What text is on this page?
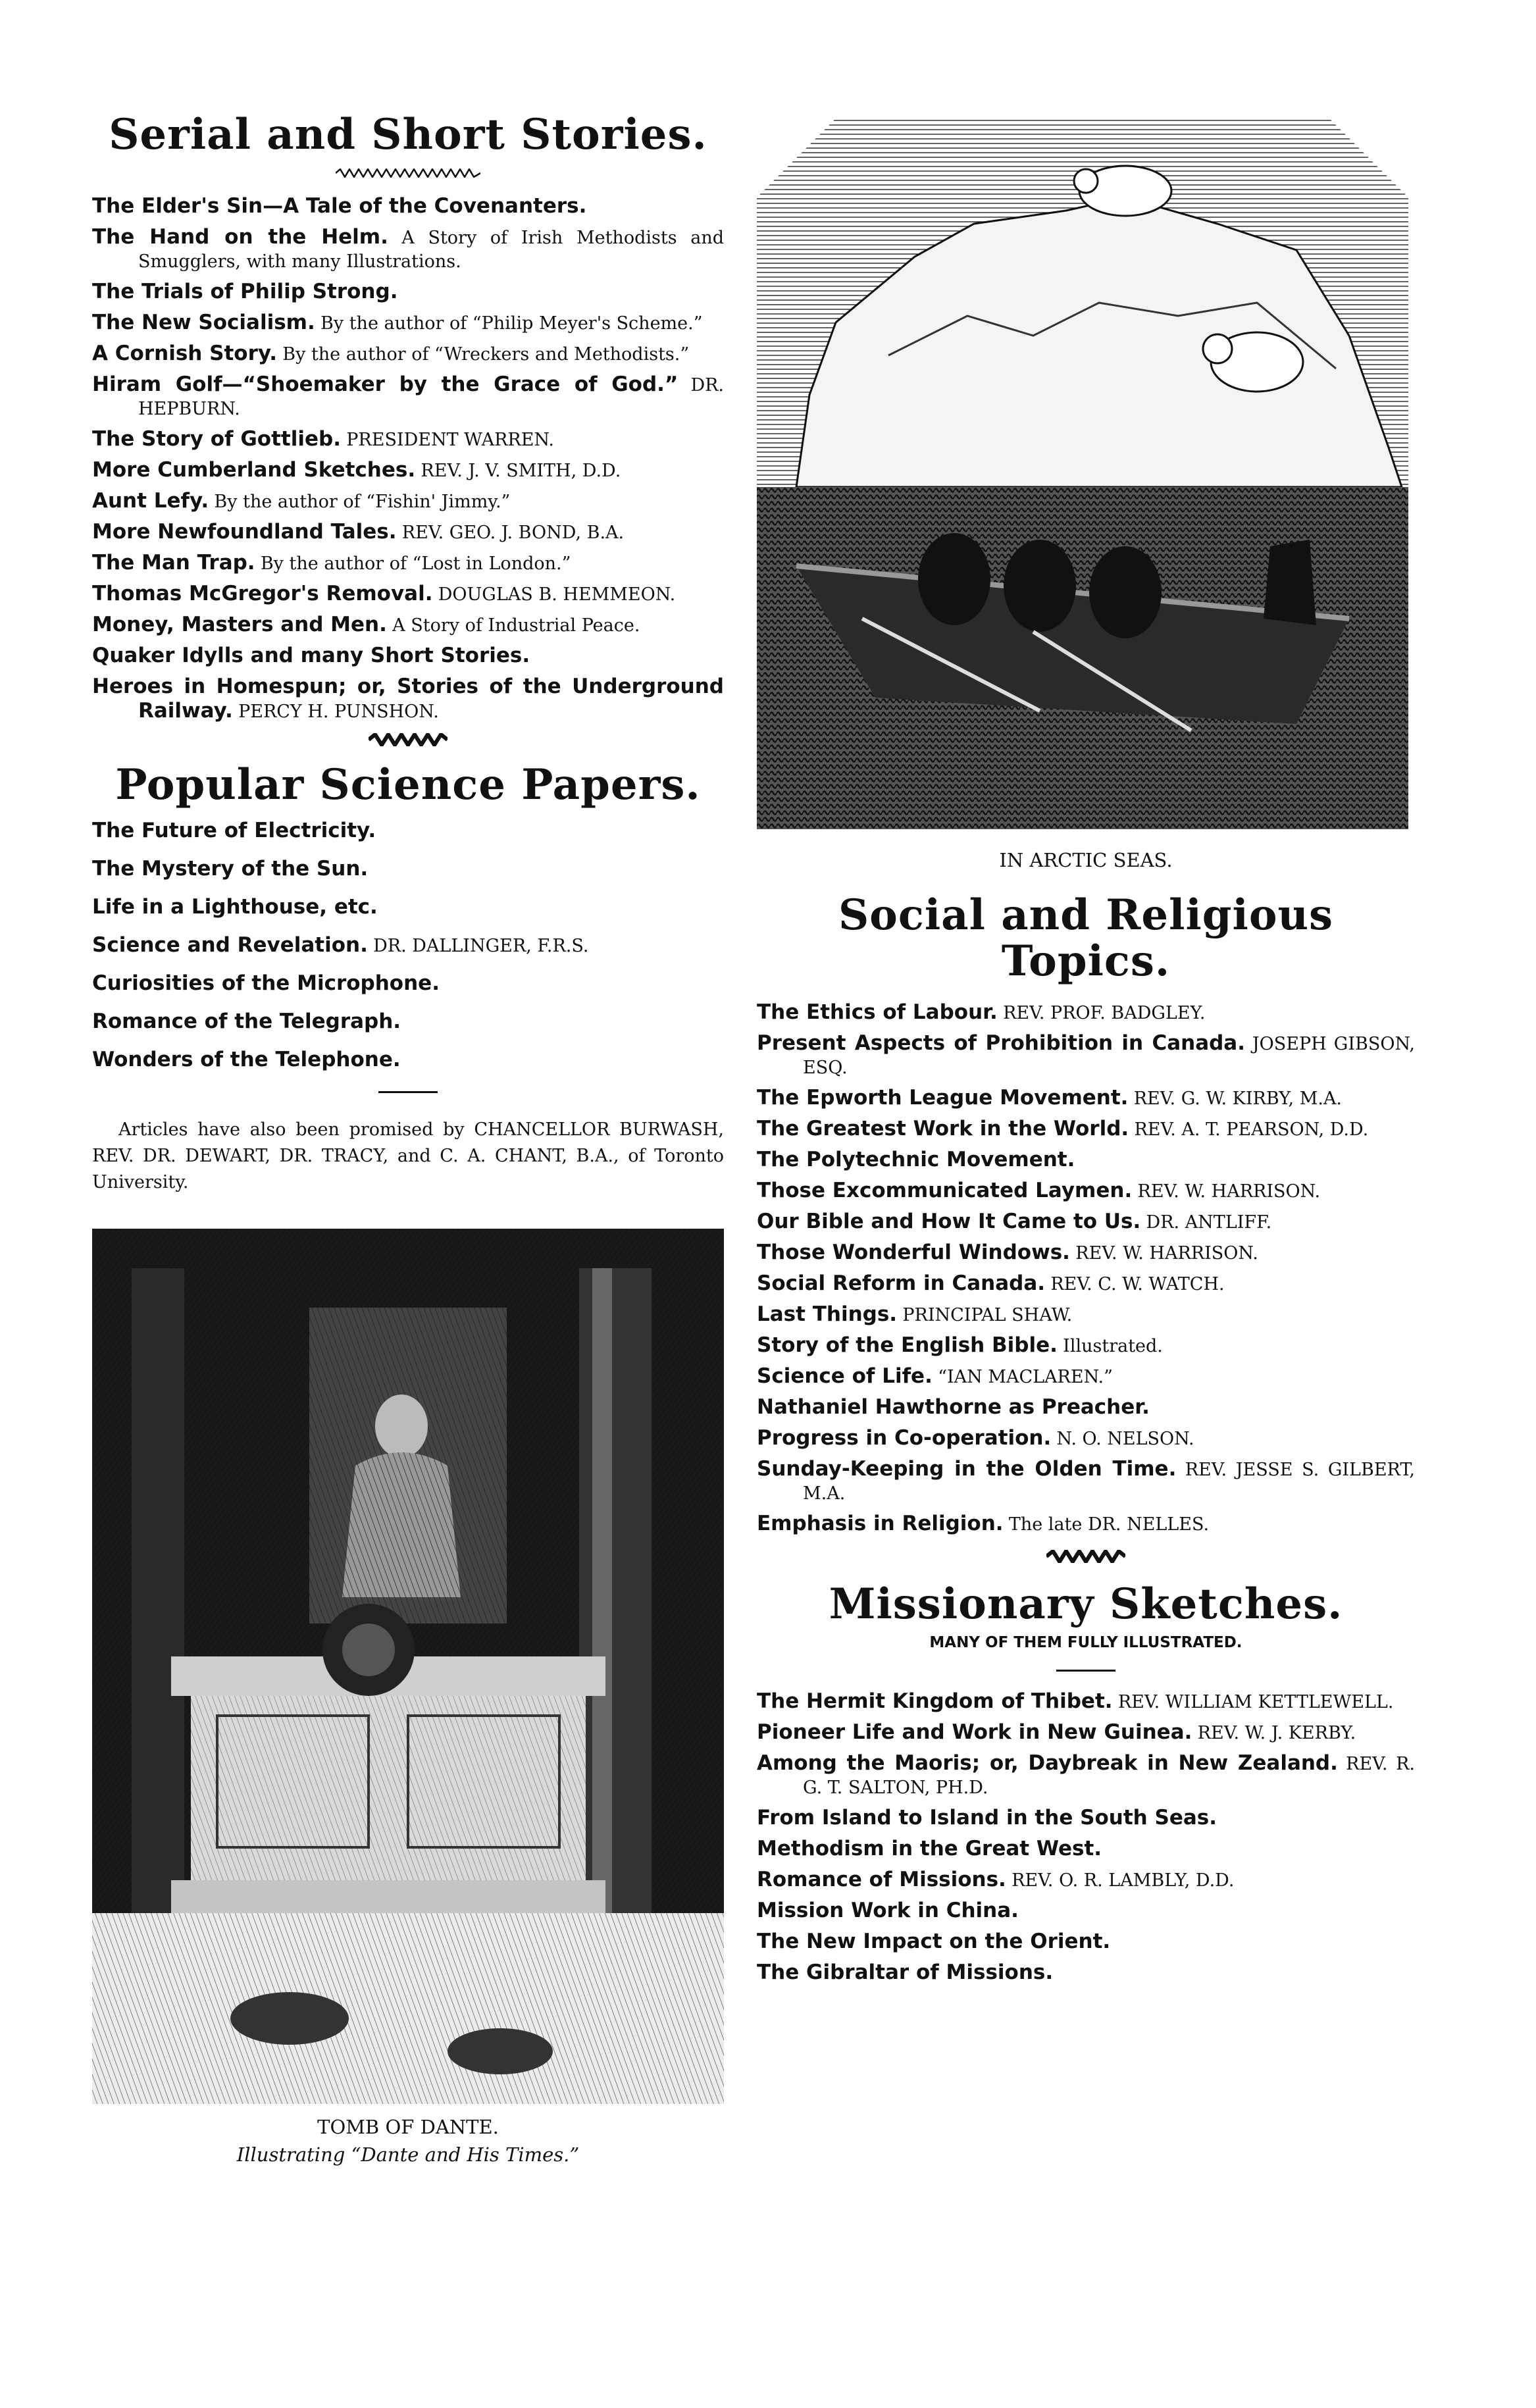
Serial and Short Stories.
The Elder's Sin—A Tale of the Covenanters.
The Hand on the Helm. A Story of Irish Methodists and Smugglers, with many Illustrations.
The Trials of Philip Strong.
The New Socialism. By the author of “Philip Meyer's Scheme.”
A Cornish Story. By the author of “Wreckers and Methodists.”
Hiram Golf—“Shoemaker by the Grace of God.” DR. HEPBURN.
The Story of Gottlieb. PRESIDENT WARREN.
More Cumberland Sketches. REV. J. V. SMITH, D.D.
Aunt Lefy. By the author of “Fishin' Jimmy.”
More Newfoundland Tales. REV. GEO. J. BOND, B.A.
The Man Trap. By the author of “Lost in London.”
Thomas McGregor's Removal. DOUGLAS B. HEMMEON.
Money, Masters and Men. A Story of Industrial Peace.
Quaker Idylls and many Short Stories.
Heroes in Homespun; or, Stories of the Underground Railway. PERCY H. PUNSHON.
Popular Science Papers.
The Future of Electricity.
The Mystery of the Sun.
Life in a Lighthouse, etc.
Science and Revelation. DR. DALLINGER, F.R.S.
Curiosities of the Microphone.
Romance of the Telegraph.
Wonders of the Telephone.
Articles have also been promised by CHANCELLOR BURWASH, REV. DR. DEWART, DR. TRACY, and C. A. CHANT, B.A., of Toronto University.
TOMB OF DANTE.
Illustrating “Dante and His Times.”
IN ARCTIC SEAS.
Social and Religious Topics.
The Ethics of Labour. REV. PROF. BADGLEY.
Present Aspects of Prohibition in Canada. JOSEPH GIBSON, ESQ.
The Epworth League Movement. REV. G. W. KIRBY, M.A.
The Greatest Work in the World. REV. A. T. PEARSON, D.D.
The Polytechnic Movement.
Those Excommunicated Laymen. REV. W. HARRISON.
Our Bible and How It Came to Us. DR. ANTLIFF.
Those Wonderful Windows. REV. W. HARRISON.
Social Reform in Canada. REV. C. W. WATCH.
Last Things. PRINCIPAL SHAW.
Story of the English Bible. Illustrated.
Science of Life. “IAN MACLAREN.”
Nathaniel Hawthorne as Preacher.
Progress in Co-operation. N. O. NELSON.
Sunday-Keeping in the Olden Time. REV. JESSE S. GILBERT, M.A.
Emphasis in Religion. The late DR. NELLES.
Missionary Sketches.
MANY OF THEM FULLY ILLUSTRATED.
The Hermit Kingdom of Thibet. REV. WILLIAM KETTLEWELL.
Pioneer Life and Work in New Guinea. REV. W. J. KERBY.
Among the Maoris; or, Daybreak in New Zealand. REV. R. G. T. SALTON, PH.D.
From Island to Island in the South Seas.
Methodism in the Great West.
Romance of Missions. REV. O. R. LAMBLY, D.D.
Mission Work in China.
The New Impact on the Orient.
The Gibraltar of Missions.
